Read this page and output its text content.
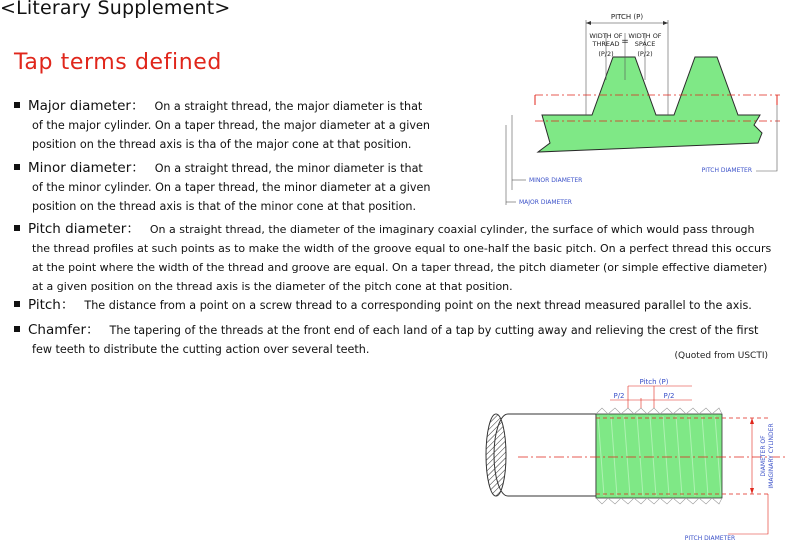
<Literary Supplement>
Tap terms defined
Major diameter： On a straight thread, the major diameter is that
of the major cylinder. On a taper thread, the major diameter at a given
position on the thread axis is tha of the major cone at that position.
Minor diameter： On a straight thread, the minor diameter is that
of the minor cylinder. On a taper thread, the minor diameter at a given
position on the thread axis is that of the minor cone at that position.
Pitch diameter： On a straight thread, the diameter of the imaginary coaxial cylinder, the surface of which would pass through
the thread profiles at such points as to make the width of the groove equal to one-half the basic pitch. On a perfect thread this occurs
at the point where the width of the thread and groove are equal. On a taper thread, the pitch diameter (or simple effective diameter)
at a given position on the thread axis is the diameter of the pitch cone at that position.
Pitch： The distance from a point on a screw thread to a corresponding point on the next thread measured parallel to the axis.
Chamfer： The tapering of the threads at the front end of each land of a tap by cutting away and relieving the crest of the first
few teeth to distribute the cutting action over several teeth.	(Quoted from USCTI)
PITCH (P)
WIDTH OF
THREAD =
WIDTH OF
SPACE
(P/2)	(P/2)
MINOR DIAMETER
MAJOR DIAMETER
PITCH DIAMETER
Pitch (P)
P/2	P/2
DIAMETER OF IMAGINARY CYLINDER
PITCH DIAMETER
